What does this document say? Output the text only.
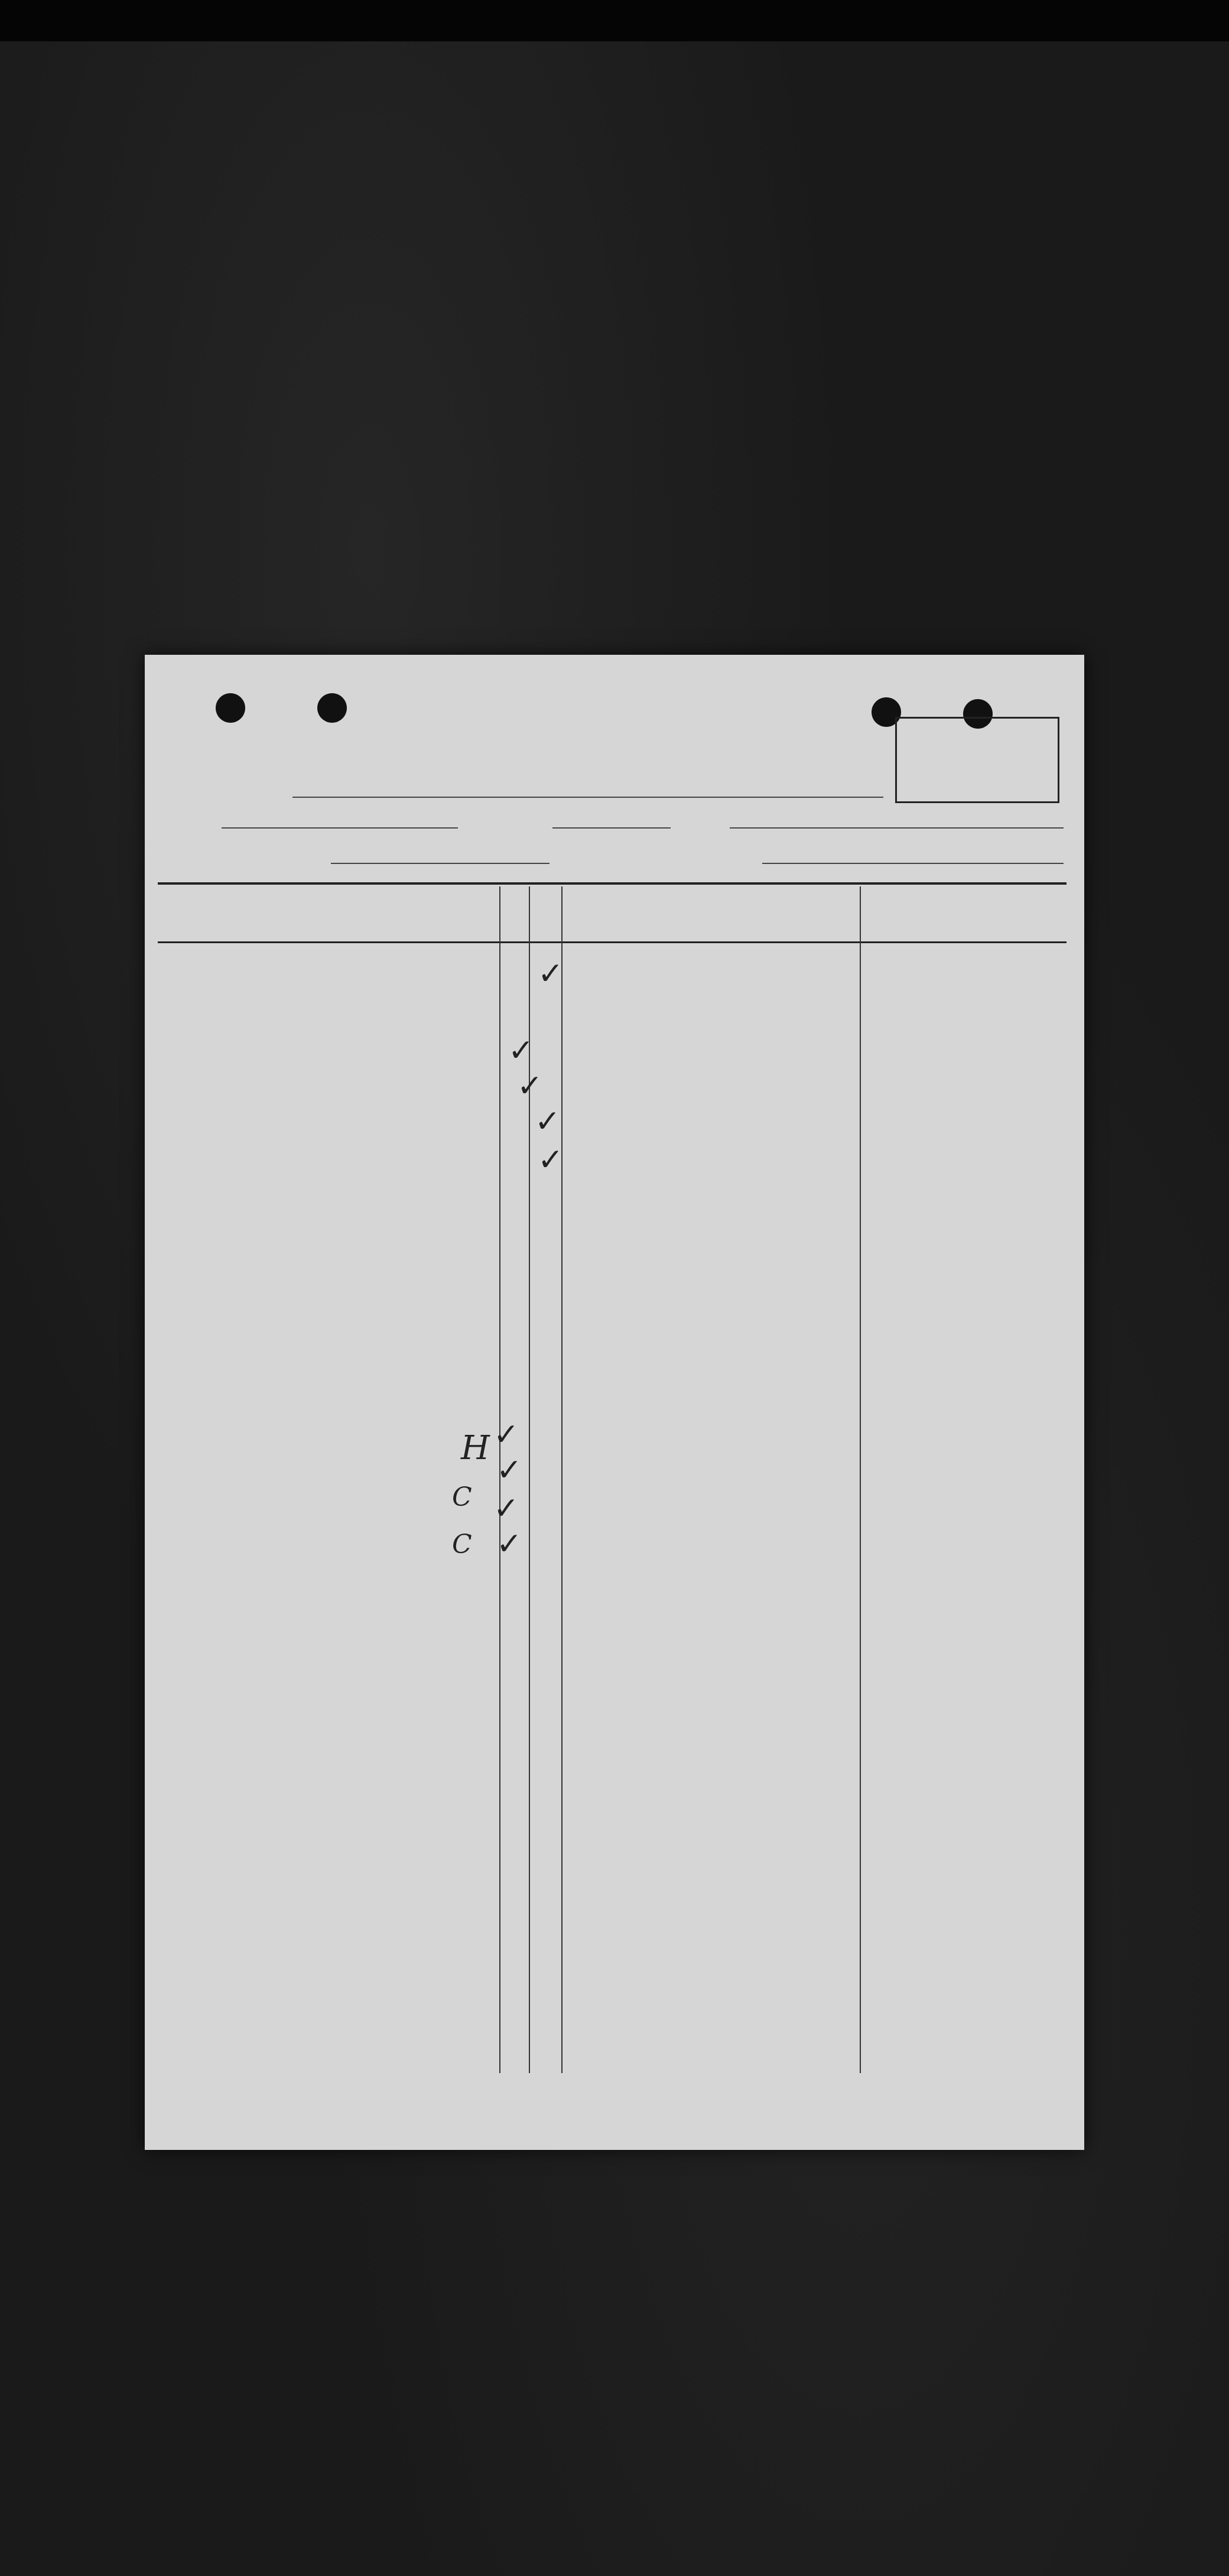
✓
✓
✓
✓
✓
H ✓
✓
✓
✓
C
C
